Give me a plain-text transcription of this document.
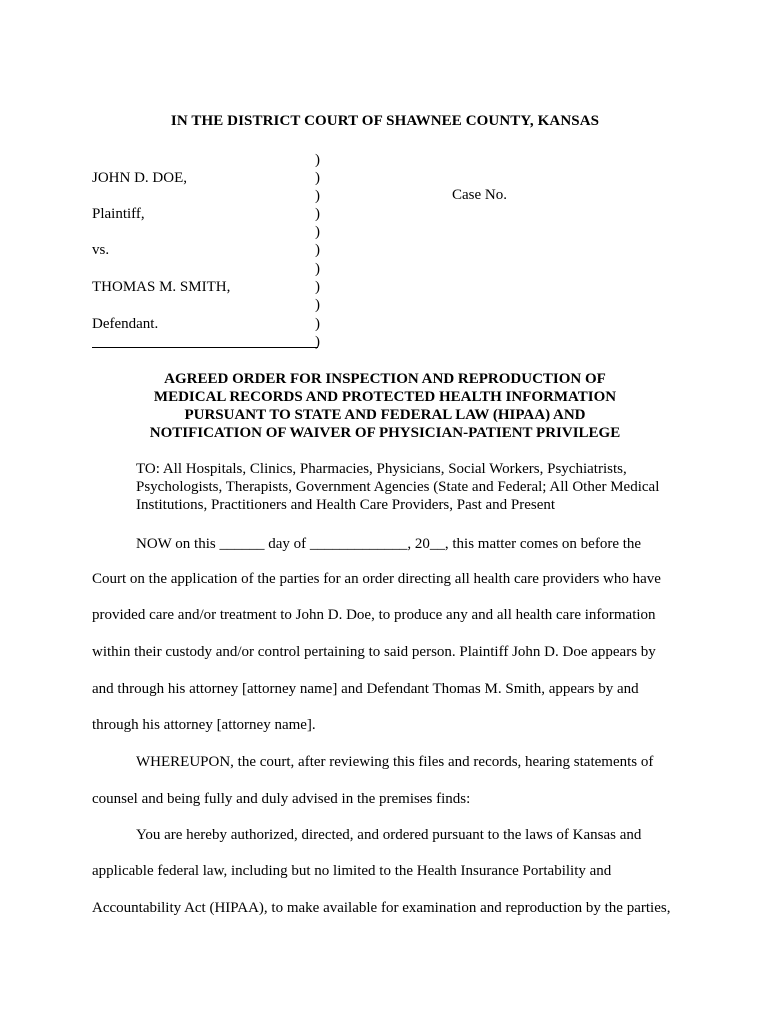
IN THE DISTRICT COURT OF SHAWNEE COUNTY, KANSAS
JOHN D. DOE,
Plaintiff,
vs.
THOMAS M. SMITH,
Defendant.
)
)
)
)
)
)
)
)
)
)
)
Case No.
AGREED ORDER FOR INSPECTION AND REPRODUCTION OF
MEDICAL RECORDS AND PROTECTED HEALTH INFORMATION
PURSUANT TO STATE AND FEDERAL LAW (HIPAA) AND
NOTIFICATION OF WAIVER OF PHYSICIAN-PATIENT PRIVILEGE
TO: All Hospitals, Clinics, Pharmacies, Physicians, Social Workers, Psychiatrists,
Psychologists, Therapists, Government Agencies (State and Federal; All Other Medical
Institutions, Practitioners and Health Care Providers, Past and Present
NOW on this ______ day of _____________, 20__, this matter comes on before the
Court on the application of the parties for an order directing all health care providers who have
provided care and/or treatment to John D. Doe, to produce any and all health care information
within their custody and/or control pertaining to said person. Plaintiff John D. Doe appears by
and through his attorney [attorney name] and Defendant Thomas M. Smith, appears by and
through his attorney [attorney name].
WHEREUPON, the court, after reviewing this files and records, hearing statements of
counsel and being fully and duly advised in the premises finds:
You are hereby authorized, directed, and ordered pursuant to the laws of Kansas and
applicable federal law, including but no limited to the Health Insurance Portability and
Accountability Act (HIPAA), to make available for examination and reproduction by the parties,
